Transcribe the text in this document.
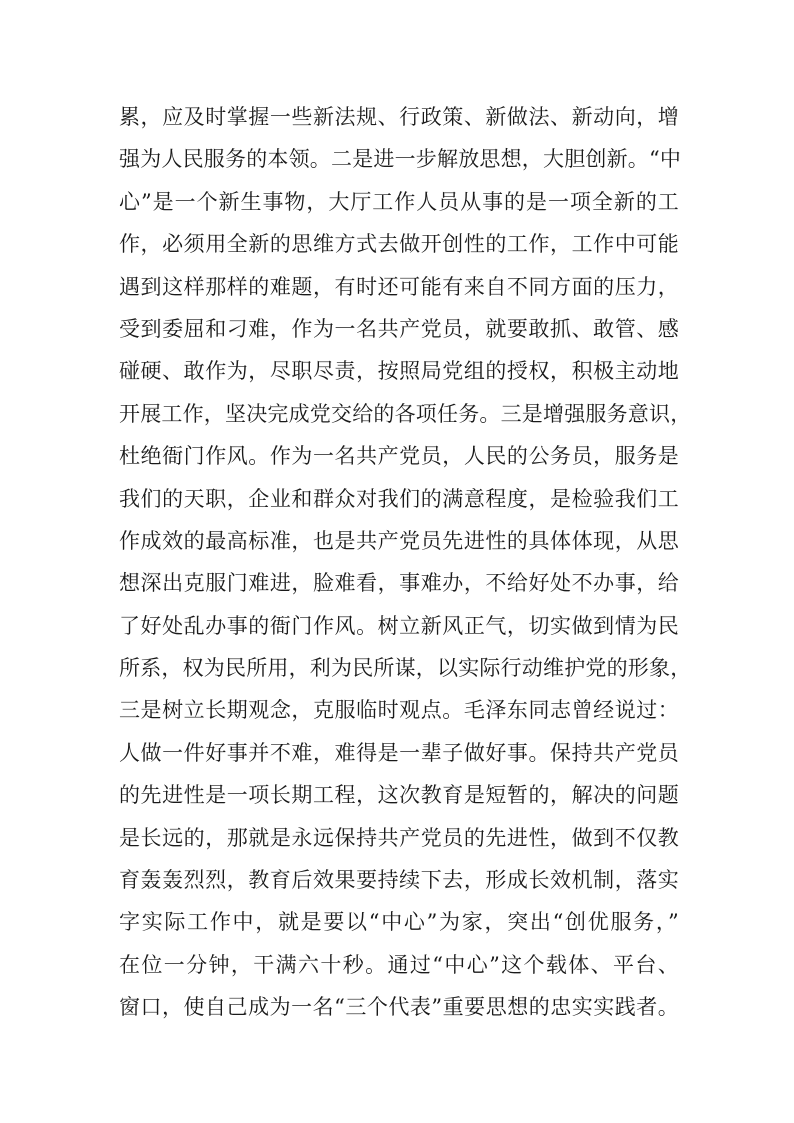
累，应及时掌握一些新法规、行政策、新做法、新动向，增
强为人民服务的本领。二是进一步解放思想，大胆创新。“中
心”是一个新生事物，大厅工作人员从事的是一项全新的工
作，必须用全新的思维方式去做开创性的工作，工作中可能
遇到这样那样的难题，有时还可能有来自不同方面的压力，
受到委屈和刁难，作为一名共产党员，就要敢抓、敢管、感
碰硬、敢作为，尽职尽责，按照局党组的授权，积极主动地
开展工作，坚决完成党交给的各项任务。三是增强服务意识，
杜绝衙门作风。作为一名共产党员，人民的公务员，服务是
我们的天职，企业和群众对我们的满意程度，是检验我们工
作成效的最高标准，也是共产党员先进性的具体体现，从思
想深出克服门难进，脸难看，事难办，不给好处不办事，给
了好处乱办事的衙门作风。树立新风正气，切实做到情为民
所系，权为民所用，利为民所谋，以实际行动维护党的形象，
三是树立长期观念，克服临时观点。毛泽东同志曾经说过：
人做一件好事并不难，难得是一辈子做好事。保持共产党员
的先进性是一项长期工程，这次教育是短暂的，解决的问题
是长远的，那就是永远保持共产党员的先进性，做到不仅教
育轰轰烈烈，教育后效果要持续下去，形成长效机制，落实
字实际工作中，就是要以“中心”为家，突出“创优服务，”
在位一分钟，干满六十秒。通过“中心”这个载体、平台、
窗口，使自己成为一名“三个代表”重要思想的忠实实践者。
